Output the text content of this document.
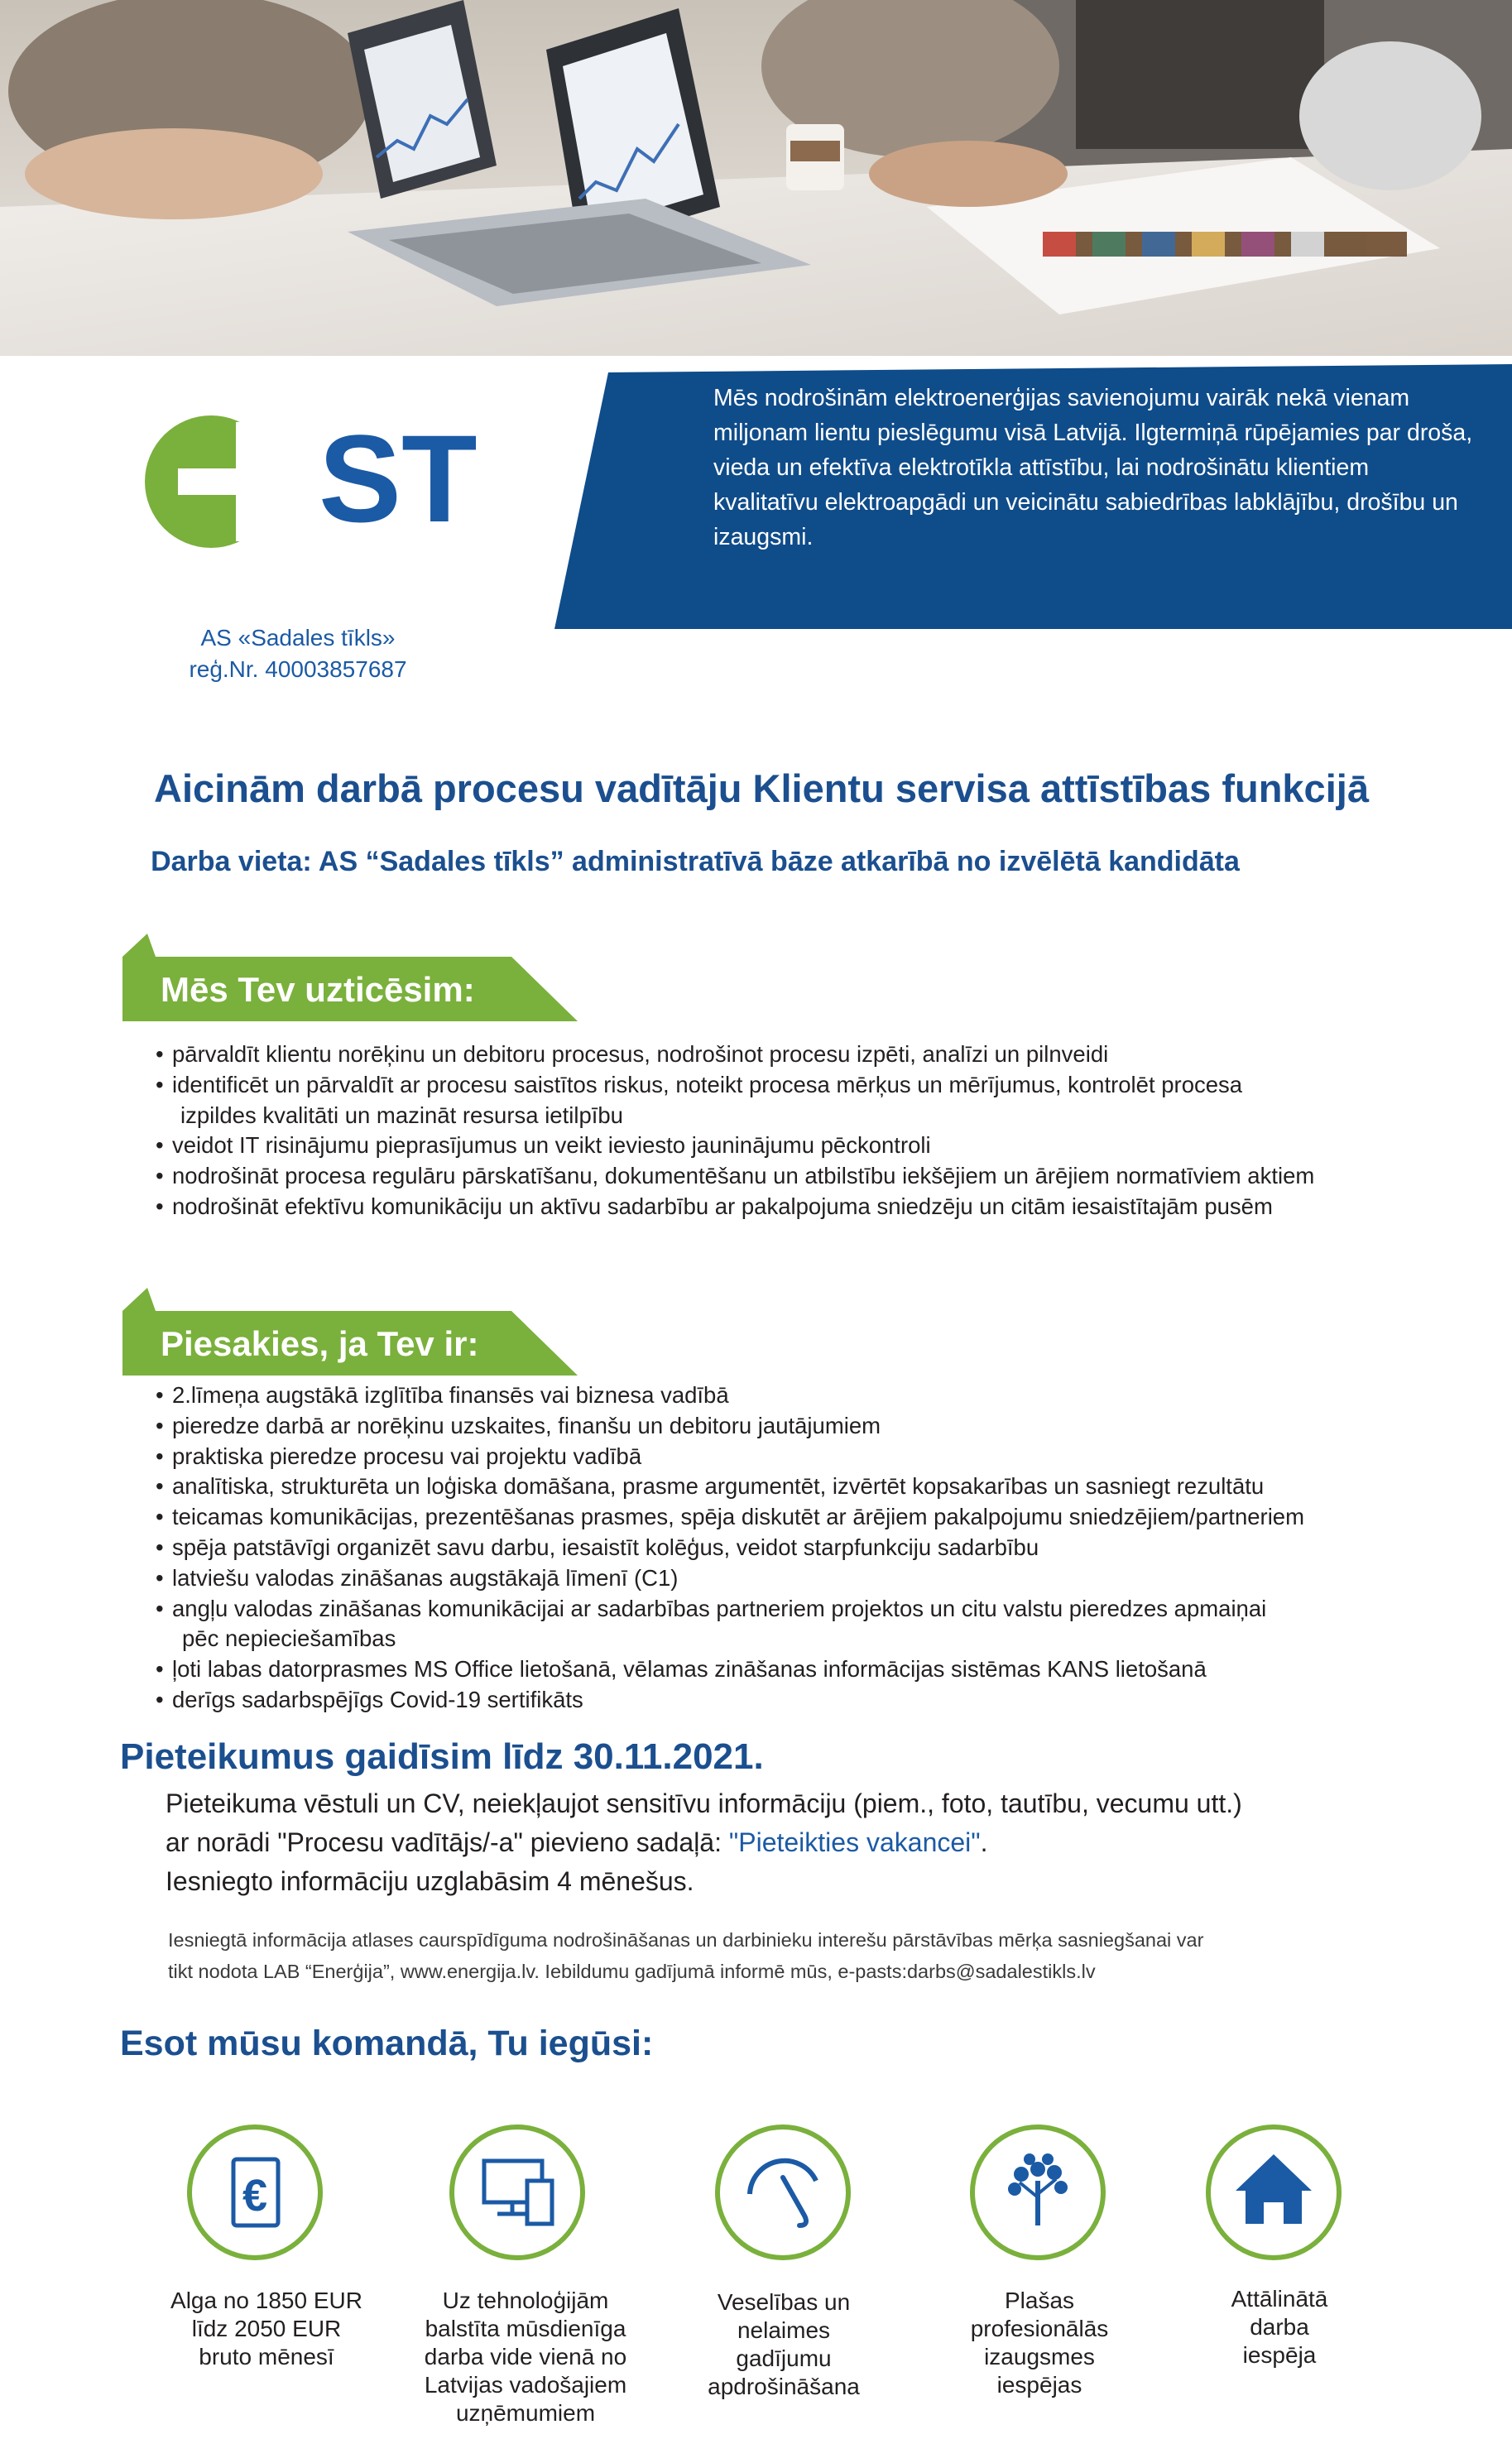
Mēs nodrošinām elektroenerģijas savienojumu vairāk nekā vienam miljonam lientu pieslēgumu visā Latvijā. Ilgtermiņā rūpējamies par droša, vieda un efektīva elektrotīkla attīstību, lai nodrošinātu klientiem kvalitatīvu elektroapgādi un veicinātu sabiedrības labklājību, drošību un izaugsmi.
ST
AS «Sadales tīkls»
reģ.Nr. 40003857687
Aicinām darbā procesu vadītāju Klientu servisa attīstības funkcijā
Darba vieta: AS “Sadales tīkls” administratīvā bāze atkarībā no izvēlētā kandidāta
Mēs Tev uzticēsim:
• pārvaldīt klientu norēķinu un debitoru procesus, nodrošinot procesu izpēti, analīzi un pilnveidi
• identificēt un pārvaldīt ar procesu saistītos riskus, noteikt procesa mērķus un mērījumus, kontrolēt procesa
izpildes kvalitāti un mazināt resursa ietilpību
• veidot IT risinājumu pieprasījumus un veikt ieviesto jauninājumu pēckontroli
• nodrošināt procesa regulāru pārskatīšanu, dokumentēšanu un atbilstību iekšējiem un ārējiem normatīviem aktiem
• nodrošināt efektīvu komunikāciju un aktīvu sadarbību ar pakalpojuma sniedzēju un citām iesaistītajām pusēm
Piesakies, ja Tev ir:
• 2.līmeņa augstākā izglītība finansēs vai biznesa vadībā
• pieredze darbā ar norēķinu uzskaites, finanšu un debitoru jautājumiem
• praktiska pieredze procesu vai projektu vadībā
• analītiska, strukturēta un loģiska domāšana, prasme argumentēt, izvērtēt kopsakarības un sasniegt rezultātu
• teicamas komunikācijas, prezentēšanas prasmes, spēja diskutēt ar ārējiem pakalpojumu sniedzējiem/partneriem
• spēja patstāvīgi organizēt savu darbu, iesaistīt kolēģus, veidot starpfunkciju sadarbību
• latviešu valodas zināšanas augstākajā līmenī (C1)
• angļu valodas zināšanas komunikācijai ar sadarbības partneriem projektos un citu valstu pieredzes apmaiņai
pēc nepieciešamības
• ļoti labas datorprasmes MS Office lietošanā, vēlamas zināšanas informācijas sistēmas KANS lietošanā
• derīgs sadarbspējīgs Covid-19 sertifikāts
Pieteikumus gaidīsim līdz 30.11.2021.
Pieteikuma vēstuli un CV, neiekļaujot sensitīvu informāciju (piem., foto, tautību, vecumu utt.)
ar norādi "Procesu vadītājs/-a" pievieno sadaļā: "Pieteikties vakancei".
Iesniegto informāciju uzglabāsim 4 mēnešus.
Iesniegtā informācija atlases caurspīdīguma nodrošināšanas un darbinieku interešu pārstāvības mērķa sasniegšanai var
tikt nodota LAB “Enerģija”, www.energija.lv. Iebildumu gadījumā informē mūs, e-pasts:darbs@sadalestikls.lv
Esot mūsu komandā, Tu iegūsi:
€
Alga no 1850 EUR
līdz 2050 EUR
bruto mēnesī
Uz tehnoloģijām
balstīta mūsdienīga
darba vide vienā no
Latvijas vadošajiem
uzņēmumiem
Veselības un
nelaimes
gadījumu
apdrošināšana
Plašas
profesionālās
izaugsmes
iespējas
Attālinātā
darba
iespēja
